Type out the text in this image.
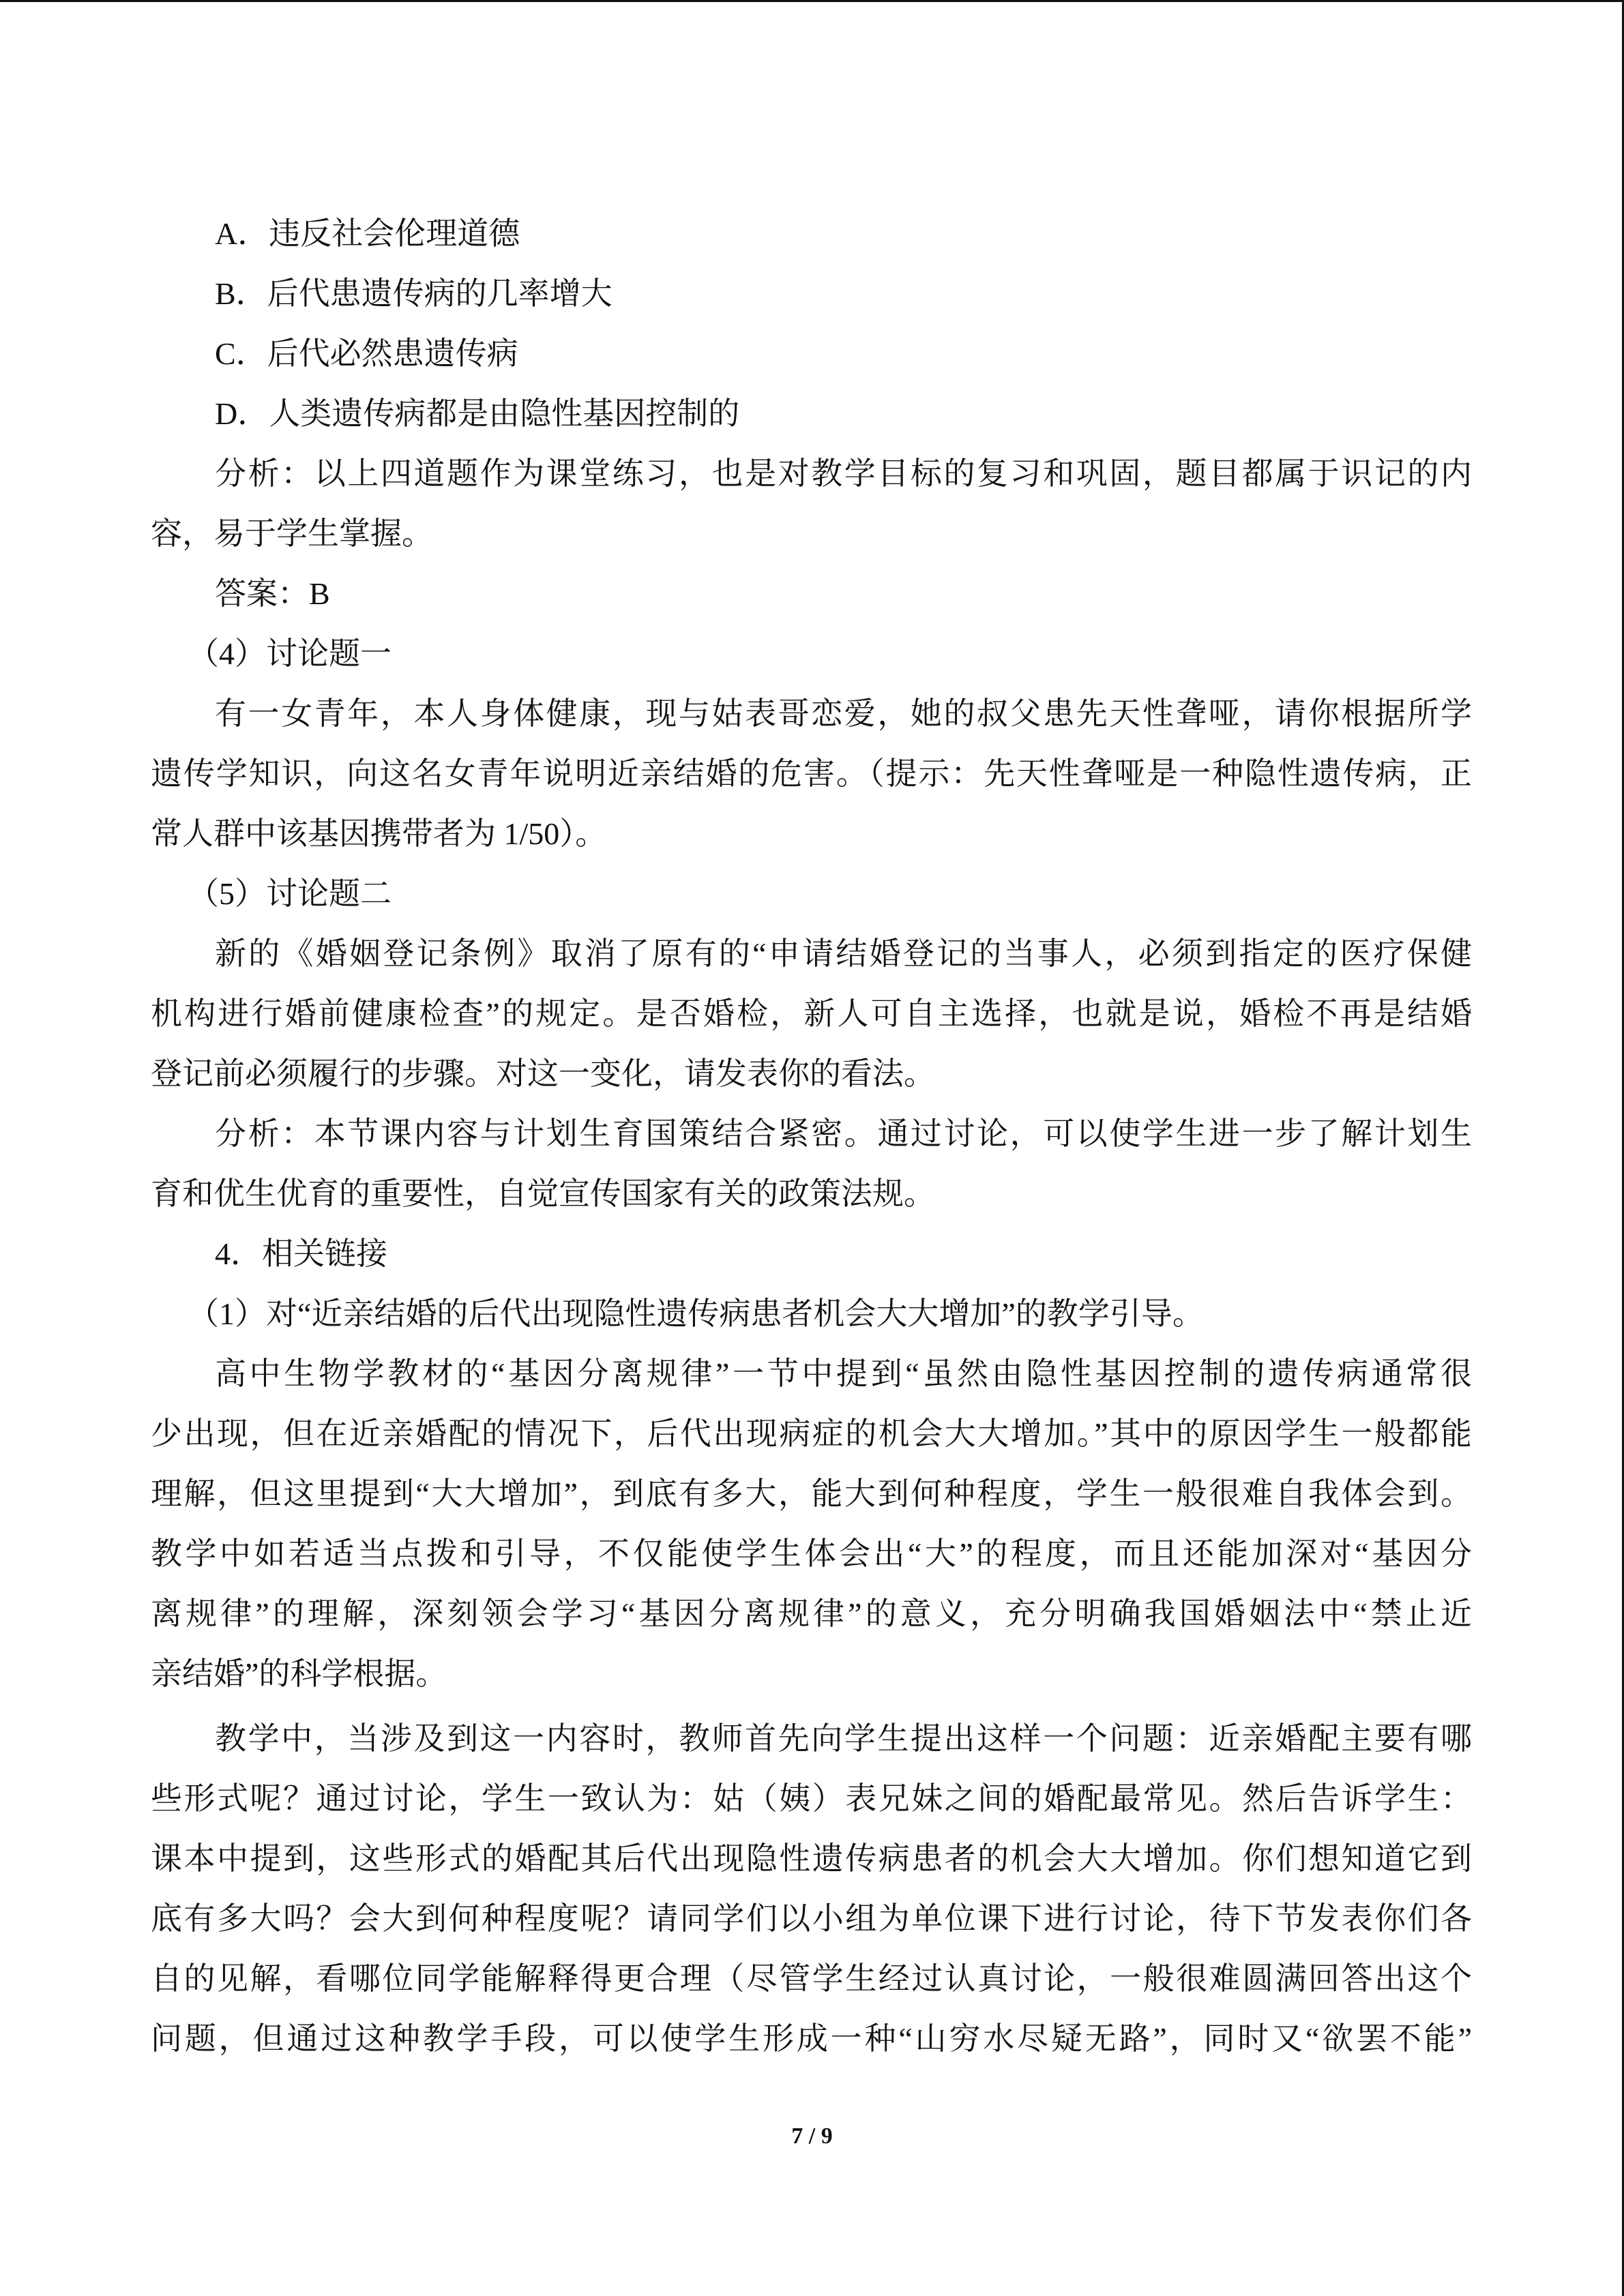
A．违反社会伦理道德
B．后代患遗传病的几率增大
C．后代必然患遗传病
D．人类遗传病都是由隐性基因控制的
分析：以上四道题作为课堂练习，也是对教学目标的复习和巩固，题目都属于识记的内
容，易于学生掌握。
答案：B
（4）讨论题一
有一女青年，本人身体健康，现与姑表哥恋爱，她的叔父患先天性聋哑，请你根据所学
遗传学知识，向这名女青年说明近亲结婚的危害。（提示：先天性聋哑是一种隐性遗传病，正
常人群中该基因携带者为 1/50）。
（5）讨论题二
新的《婚姻登记条例》取消了原有的“申请结婚登记的当事人，必须到指定的医疗保健
机构进行婚前健康检查”的规定。是否婚检，新人可自主选择，也就是说，婚检不再是结婚
登记前必须履行的步骤。对这一变化，请发表你的看法。
分析：本节课内容与计划生育国策结合紧密。通过讨论，可以使学生进一步了解计划生
育和优生优育的重要性，自觉宣传国家有关的政策法规。
4．相关链接
（1）对“近亲结婚的后代出现隐性遗传病患者机会大大增加”的教学引导。
高中生物学教材的“基因分离规律”一节中提到“虽然由隐性基因控制的遗传病通常很
少出现，但在近亲婚配的情况下，后代出现病症的机会大大增加。”其中的原因学生一般都能
理解，但这里提到“大大增加”，到底有多大，能大到何种程度，学生一般很难自我体会到。
教学中如若适当点拨和引导，不仅能使学生体会出“大”的程度，而且还能加深对“基因分
离规律”的理解，深刻领会学习“基因分离规律”的意义，充分明确我国婚姻法中“禁止近
亲结婚”的科学根据。
教学中，当涉及到这一内容时，教师首先向学生提出这样一个问题：近亲婚配主要有哪
些形式呢？通过讨论，学生一致认为：姑（姨）表兄妹之间的婚配最常见。然后告诉学生：
课本中提到，这些形式的婚配其后代出现隐性遗传病患者的机会大大增加。你们想知道它到
底有多大吗？会大到何种程度呢？请同学们以小组为单位课下进行讨论，待下节发表你们各
自的见解，看哪位同学能解释得更合理（尽管学生经过认真讨论，一般很难圆满回答出这个
问题，但通过这种教学手段，可以使学生形成一种“山穷水尽疑无路”，同时又“欲罢不能”
7 / 9
